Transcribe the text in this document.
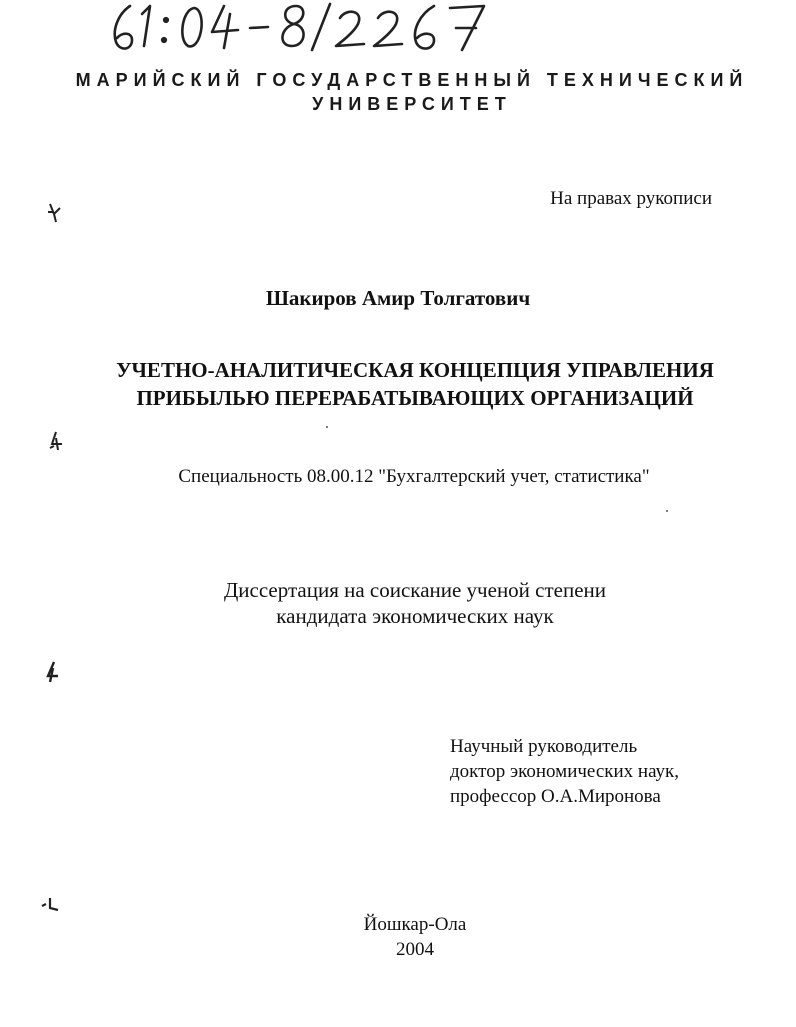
61:04-8/2267
МАРИЙСКИЙ ГОСУДАРСТВЕННЫЙ ТЕХНИЧЕСКИЙ
УНИВЕРСИТЕТ
На правах рукописи
Шакиров Амир Толгатович
УЧЕТНО-АНАЛИТИЧЕСКАЯ КОНЦЕПЦИЯ УПРАВЛЕНИЯ
ПРИБЫЛЬЮ ПЕРЕРАБАТЫВАЮЩИХ ОРГАНИЗАЦИЙ
Специальность 08.00.12 "Бухгалтерский учет, статистика"
Диссертация на соискание ученой степени
кандидата экономических наук
Научный руководитель
доктор экономических наук,
профессор О.А.Миронова
Йошкар-Ола
2004
